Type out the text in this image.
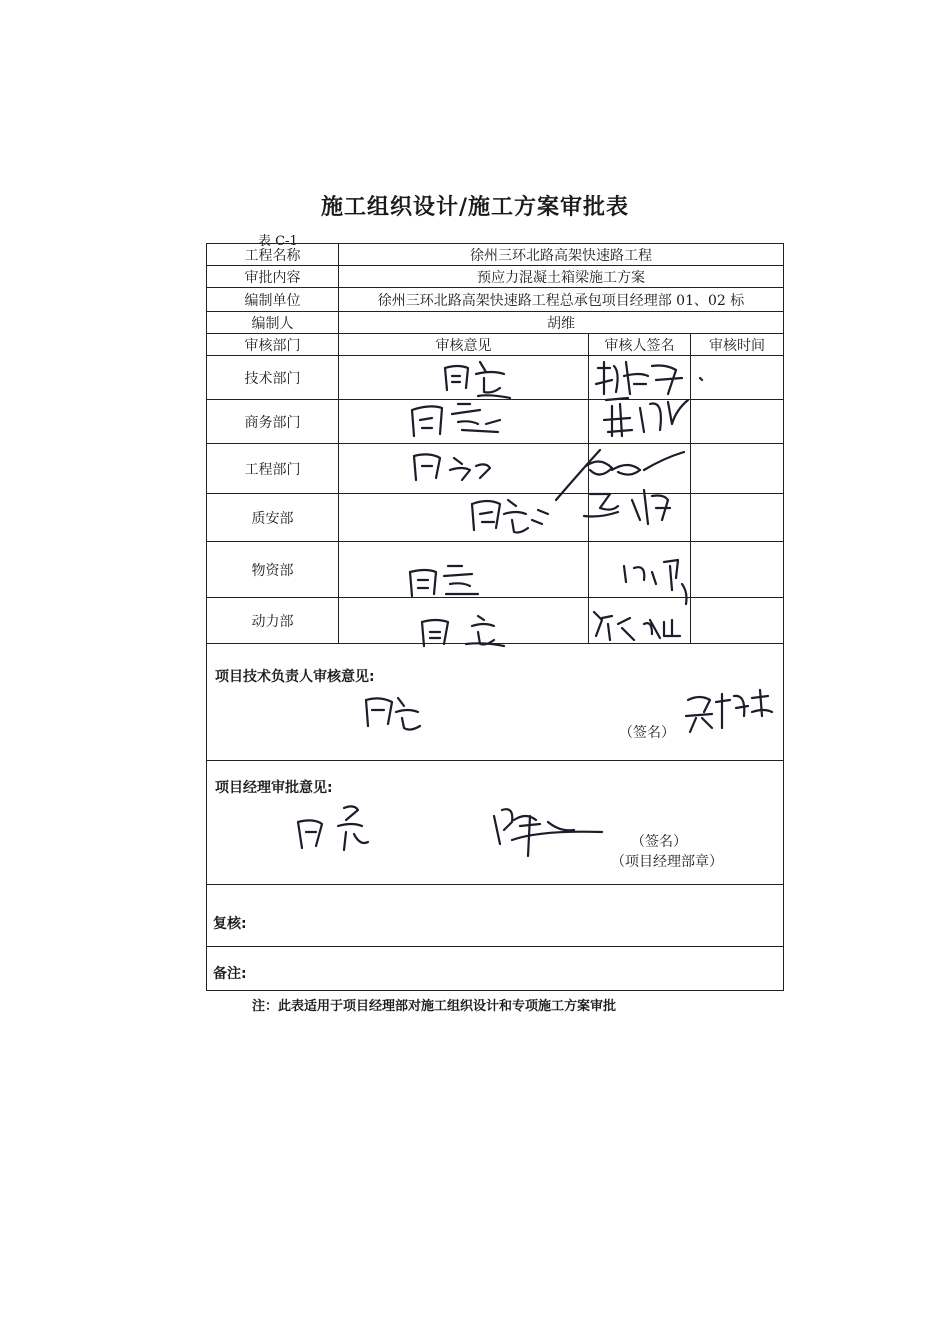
施工组织设计/施工方案审批表
表 C-1
工程名称	徐州三环北路高架快速路工程
审批内容	预应力混凝土箱梁施工方案
编制单位	徐州三环北路高架快速路工程总承包项目经理部 01、02 标
编制人	胡维
审核部门	审核意见	审核人签名	审核时间
技术部门
商务部门
工程部门
质安部
物资部
动力部
项目技术负责人审核意见:
（签名）
项目经理审批意见:
（签名）
（项目经理部章）
复核:
备注:
注：此表适用于项目经理部对施工组织设计和专项施工方案审批
